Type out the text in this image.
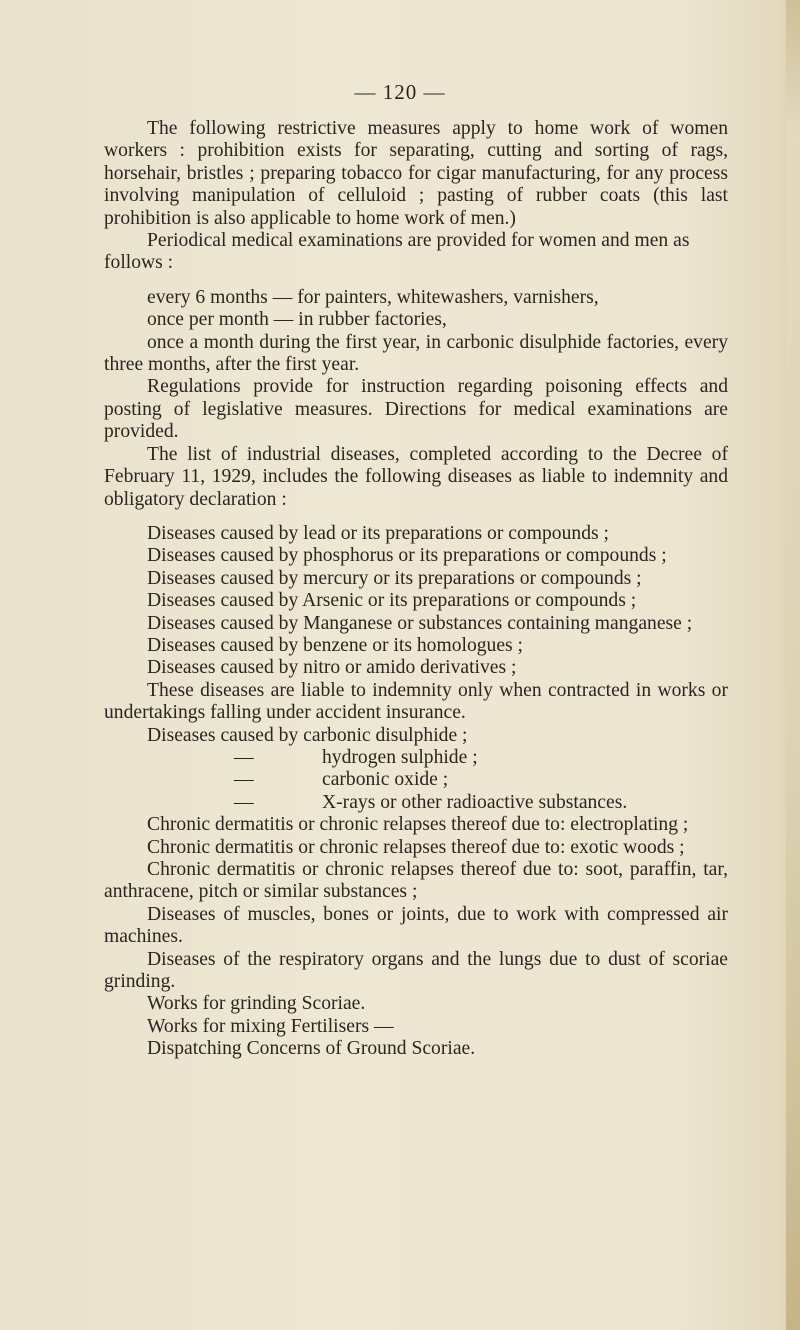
— 120 —

The following restrictive measures apply to home work of women workers : prohibition exists for separating, cutting and sorting of rags, horsehair, bristles ; preparing tobacco for cigar manufacturing, for any process involving manipulation of celluloid ; pasting of rubber coats (this last prohibition is also applicable to home work of men.)

Periodical medical examinations are provided for women and men as follows :

every 6 months — for painters, whitewashers, varnishers,

once per month — in rubber factories,

once a month during the first year, in carbonic disulphide factories, every three months, after the first year.

Regulations provide for instruction regarding poisoning effects and posting of legislative measures. Directions for medical examinations are provided.

The list of industrial diseases, completed according to the Decree of February 11, 1929, includes the following diseases as liable to indemnity and obligatory declaration :

Diseases caused by lead or its preparations or compounds ;

Diseases caused by phosphorus or its preparations or compounds ;

Diseases caused by mercury or its preparations or compounds ;

Diseases caused by Arsenic or its preparations or compounds ;

Diseases caused by Manganese or substances containing manganese ;

Diseases caused by benzene or its homologues ;

Diseases caused by nitro or amido derivatives ;

These diseases are liable to indemnity only when contracted in works or undertakings falling under accident insurance.

Diseases caused by carbonic disulphide ;

—	hydrogen sulphide ;
—	carbonic oxide ;
—	X-rays or other radioactive substances.

Chronic dermatitis or chronic relapses thereof due to: electroplating ;

Chronic dermatitis or chronic relapses thereof due to: exotic woods ;

Chronic dermatitis or chronic relapses thereof due to: soot, paraffin, tar, anthracene, pitch or similar substances ;

Diseases of muscles, bones or joints, due to work with compressed air machines.

Diseases of the respiratory organs and the lungs due to dust of scoriae grinding.

Works for grinding Scoriae.

Works for mixing Fertilisers —

Dispatching Concerns of Ground Scoriae.
